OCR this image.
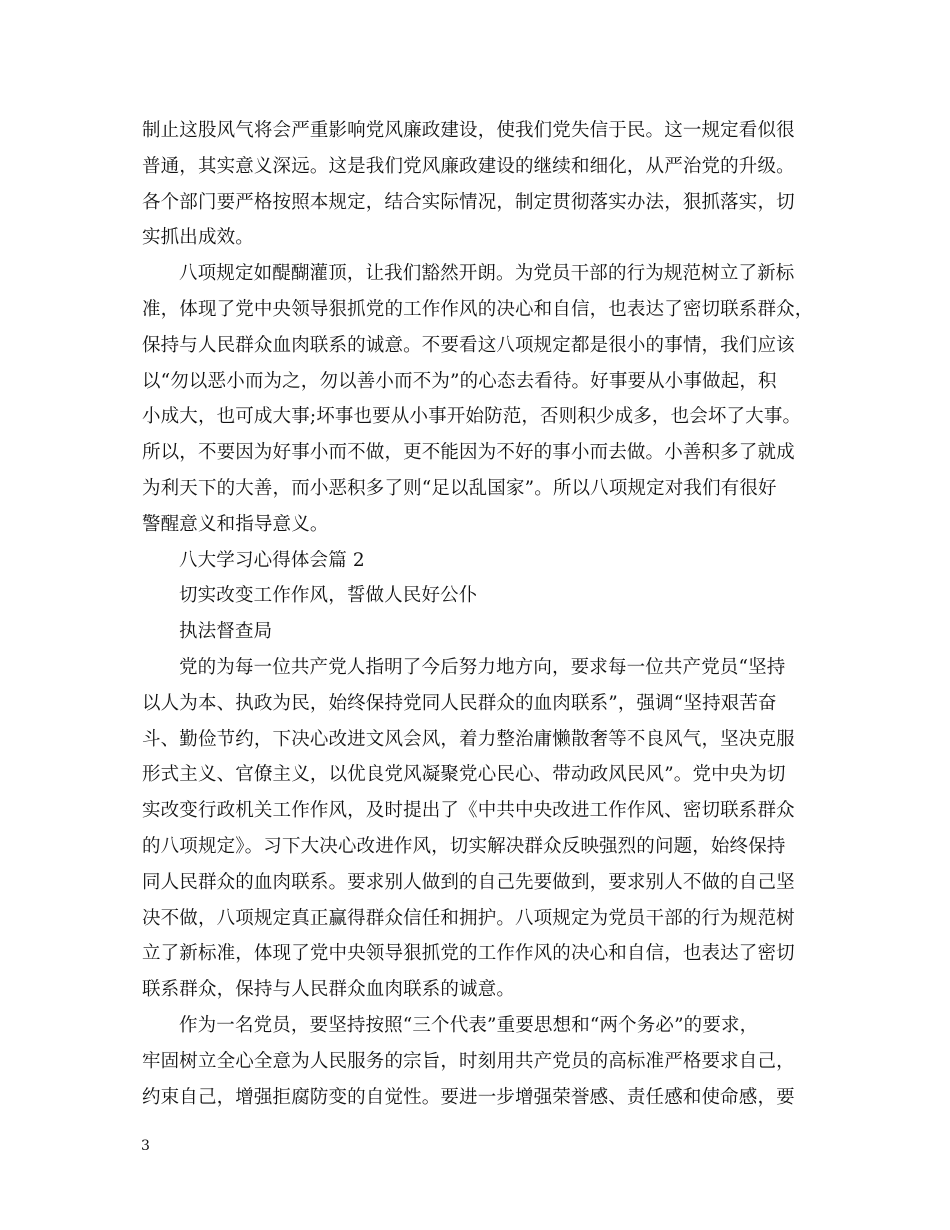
制止这股风气将会严重影响党风廉政建设，使我们党失信于民。这一规定看似很
普通，其实意义深远。这是我们党风廉政建设的继续和细化，从严治党的升级。
各个部门要严格按照本规定，结合实际情况，制定贯彻落实办法，狠抓落实，切
实抓出成效。
八项规定如醍醐灌顶，让我们豁然开朗。为党员干部的行为规范树立了新标
准，体现了党中央领导狠抓党的工作作风的决心和自信，也表达了密切联系群众，
保持与人民群众血肉联系的诚意。不要看这八项规定都是很小的事情，我们应该
以“勿以恶小而为之，勿以善小而不为”的心态去看待。好事要从小事做起，积
小成大，也可成大事;坏事也要从小事开始防范，否则积少成多，也会坏了大事。
所以，不要因为好事小而不做，更不能因为不好的事小而去做。小善积多了就成
为利天下的大善，而小恶积多了则“足以乱国家”。所以八项规定对我们有很好
警醒意义和指导意义。
八大学习心得体会篇 2
切实改变工作作风，誓做人民好公仆
执法督查局
党的为每一位共产党人指明了今后努力地方向，要求每一位共产党员“坚持
以人为本、执政为民，始终保持党同人民群众的血肉联系”，强调“坚持艰苦奋
斗、勤俭节约，下决心改进文风会风，着力整治庸懒散奢等不良风气，坚决克服
形式主义、官僚主义，以优良党风凝聚党心民心、带动政风民风”。党中央为切
实改变行政机关工作作风，及时提出了《中共中央改进工作作风、密切联系群众
的八项规定》。习下大决心改进作风，切实解决群众反映强烈的问题，始终保持
同人民群众的血肉联系。要求别人做到的自己先要做到，要求别人不做的自己坚
决不做，八项规定真正赢得群众信任和拥护。八项规定为党员干部的行为规范树
立了新标准，体现了党中央领导狠抓党的工作作风的决心和自信，也表达了密切
联系群众，保持与人民群众血肉联系的诚意。
作为一名党员，要坚持按照“三个代表”重要思想和“两个务必”的要求，
牢固树立全心全意为人民服务的宗旨，时刻用共产党员的高标准严格要求自己，
约束自己，增强拒腐防变的自觉性。要进一步增强荣誉感、责任感和使命感，要
3
